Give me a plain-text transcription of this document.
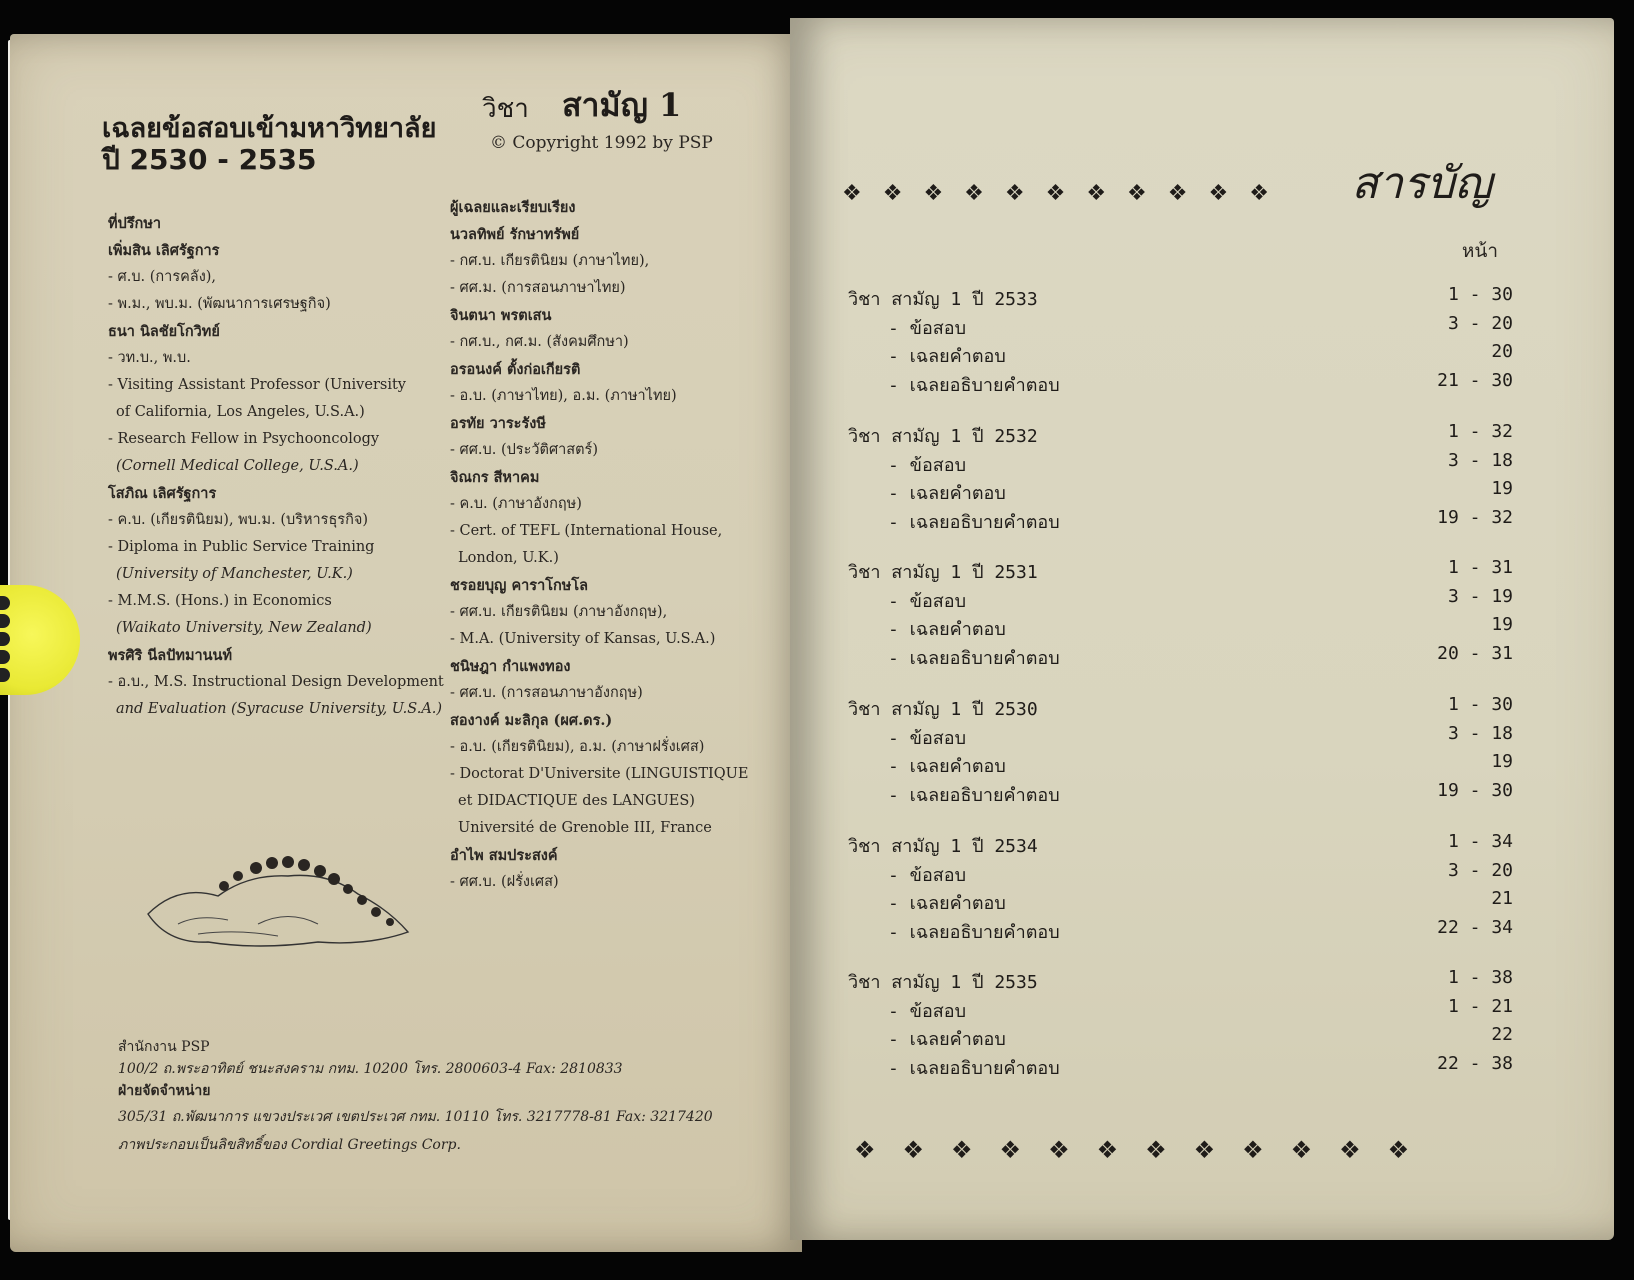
เฉลยข้อสอบเข้ามหาวิทยาลัย
วิชา สามัญ 1
ปี 2530 - 2535	© Copyright 1992 by PSP
ที่ปรึกษา
เพิ่มสิน เลิศรัฐการ
- ศ.บ. (การคลัง),
- พ.ม., พบ.ม. (พัฒนาการเศรษฐกิจ)
ธนา นิลชัยโกวิทย์
- วท.บ., พ.บ.
- Visiting Assistant Professor (University
of California, Los Angeles, U.S.A.)
- Research Fellow in Psychooncology
(Cornell Medical College, U.S.A.)
โสภิณ เลิศรัฐการ
- ค.บ. (เกียรตินิยม), พบ.ม. (บริหารธุรกิจ)
- Diploma in Public Service Training
(University of Manchester, U.K.)
- M.M.S. (Hons.) in Economics
(Waikato University, New Zealand)
พรศิริ นีลปัทมานนท์
- อ.บ., M.S. Instructional Design Development
and Evaluation (Syracuse University, U.S.A.)
ผู้เฉลยและเรียบเรียง
นวลทิพย์ รักษาทรัพย์
- กศ.บ. เกียรตินิยม (ภาษาไทย),
- ศศ.ม. (การสอนภาษาไทย)
จินตนา พรตเสน
- กศ.บ., กศ.ม. (สังคมศึกษา)
อรอนงค์ ตั้งก่อเกียรติ
- อ.บ. (ภาษาไทย), อ.ม. (ภาษาไทย)
อรทัย วาระรังษี
- ศศ.บ. (ประวัติศาสตร์)
จิณกร สีหาคม
- ค.บ. (ภาษาอังกฤษ)
- Cert. of TEFL (International House,
London, U.K.)
ชรอยบุญ คาราโกษโล
- ศศ.บ. เกียรตินิยม (ภาษาอังกฤษ),
- M.A. (University of Kansas, U.S.A.)
ชนิษฎา กำแพงทอง
- ศศ.บ. (การสอนภาษาอังกฤษ)
สองางค์ มะลิกุล (ผศ.ดร.)
- อ.บ. (เกียรตินิยม), อ.ม. (ภาษาฝรั่งเศส)
- Doctorat D'Universite (LINGUISTIQUE
et DIDACTIQUE des LANGUES)
Université de Grenoble III, France
อำไพ สมประสงค์
- ศศ.บ. (ฝรั่งเศส)
สำนักงาน PSP
100/2 ถ.พระอาทิตย์ ชนะสงคราม กทม. 10200 โทร. 2800603-4 Fax: 2810833
ฝ่ายจัดจำหน่าย
305/31 ถ.พัฒนาการ แขวงประเวศ เขตประเวศ กทม. 10110 โทร. 3217778-81 Fax: 3217420
ภาพประกอบเป็นลิขสิทธิ์ของ Cordial Greetings Corp.
❖❖❖❖❖❖❖❖❖❖❖ สารบัญ
หน้า
วิชา สามัญ 1 ปี 2533	1 - 30
- ข้อสอบ	3 - 20
- เฉลยคำตอบ	20
- เฉลยอธิบายคำตอบ	21 - 30
วิชา สามัญ 1 ปี 2532	1 - 32
- ข้อสอบ	3 - 18
- เฉลยคำตอบ	19
- เฉลยอธิบายคำตอบ	19 - 32
วิชา สามัญ 1 ปี 2531	1 - 31
- ข้อสอบ	3 - 19
- เฉลยคำตอบ	19
- เฉลยอธิบายคำตอบ	20 - 31
วิชา สามัญ 1 ปี 2530	1 - 30
- ข้อสอบ	3 - 18
- เฉลยคำตอบ	19
- เฉลยอธิบายคำตอบ	19 - 30
วิชา สามัญ 1 ปี 2534	1 - 34
- ข้อสอบ	3 - 20
- เฉลยคำตอบ	21
- เฉลยอธิบายคำตอบ	22 - 34
วิชา สามัญ 1 ปี 2535	1 - 38
- ข้อสอบ	1 - 21
- เฉลยคำตอบ	22
- เฉลยอธิบายคำตอบ	22 - 38
❖❖❖❖❖❖❖❖❖❖❖❖
